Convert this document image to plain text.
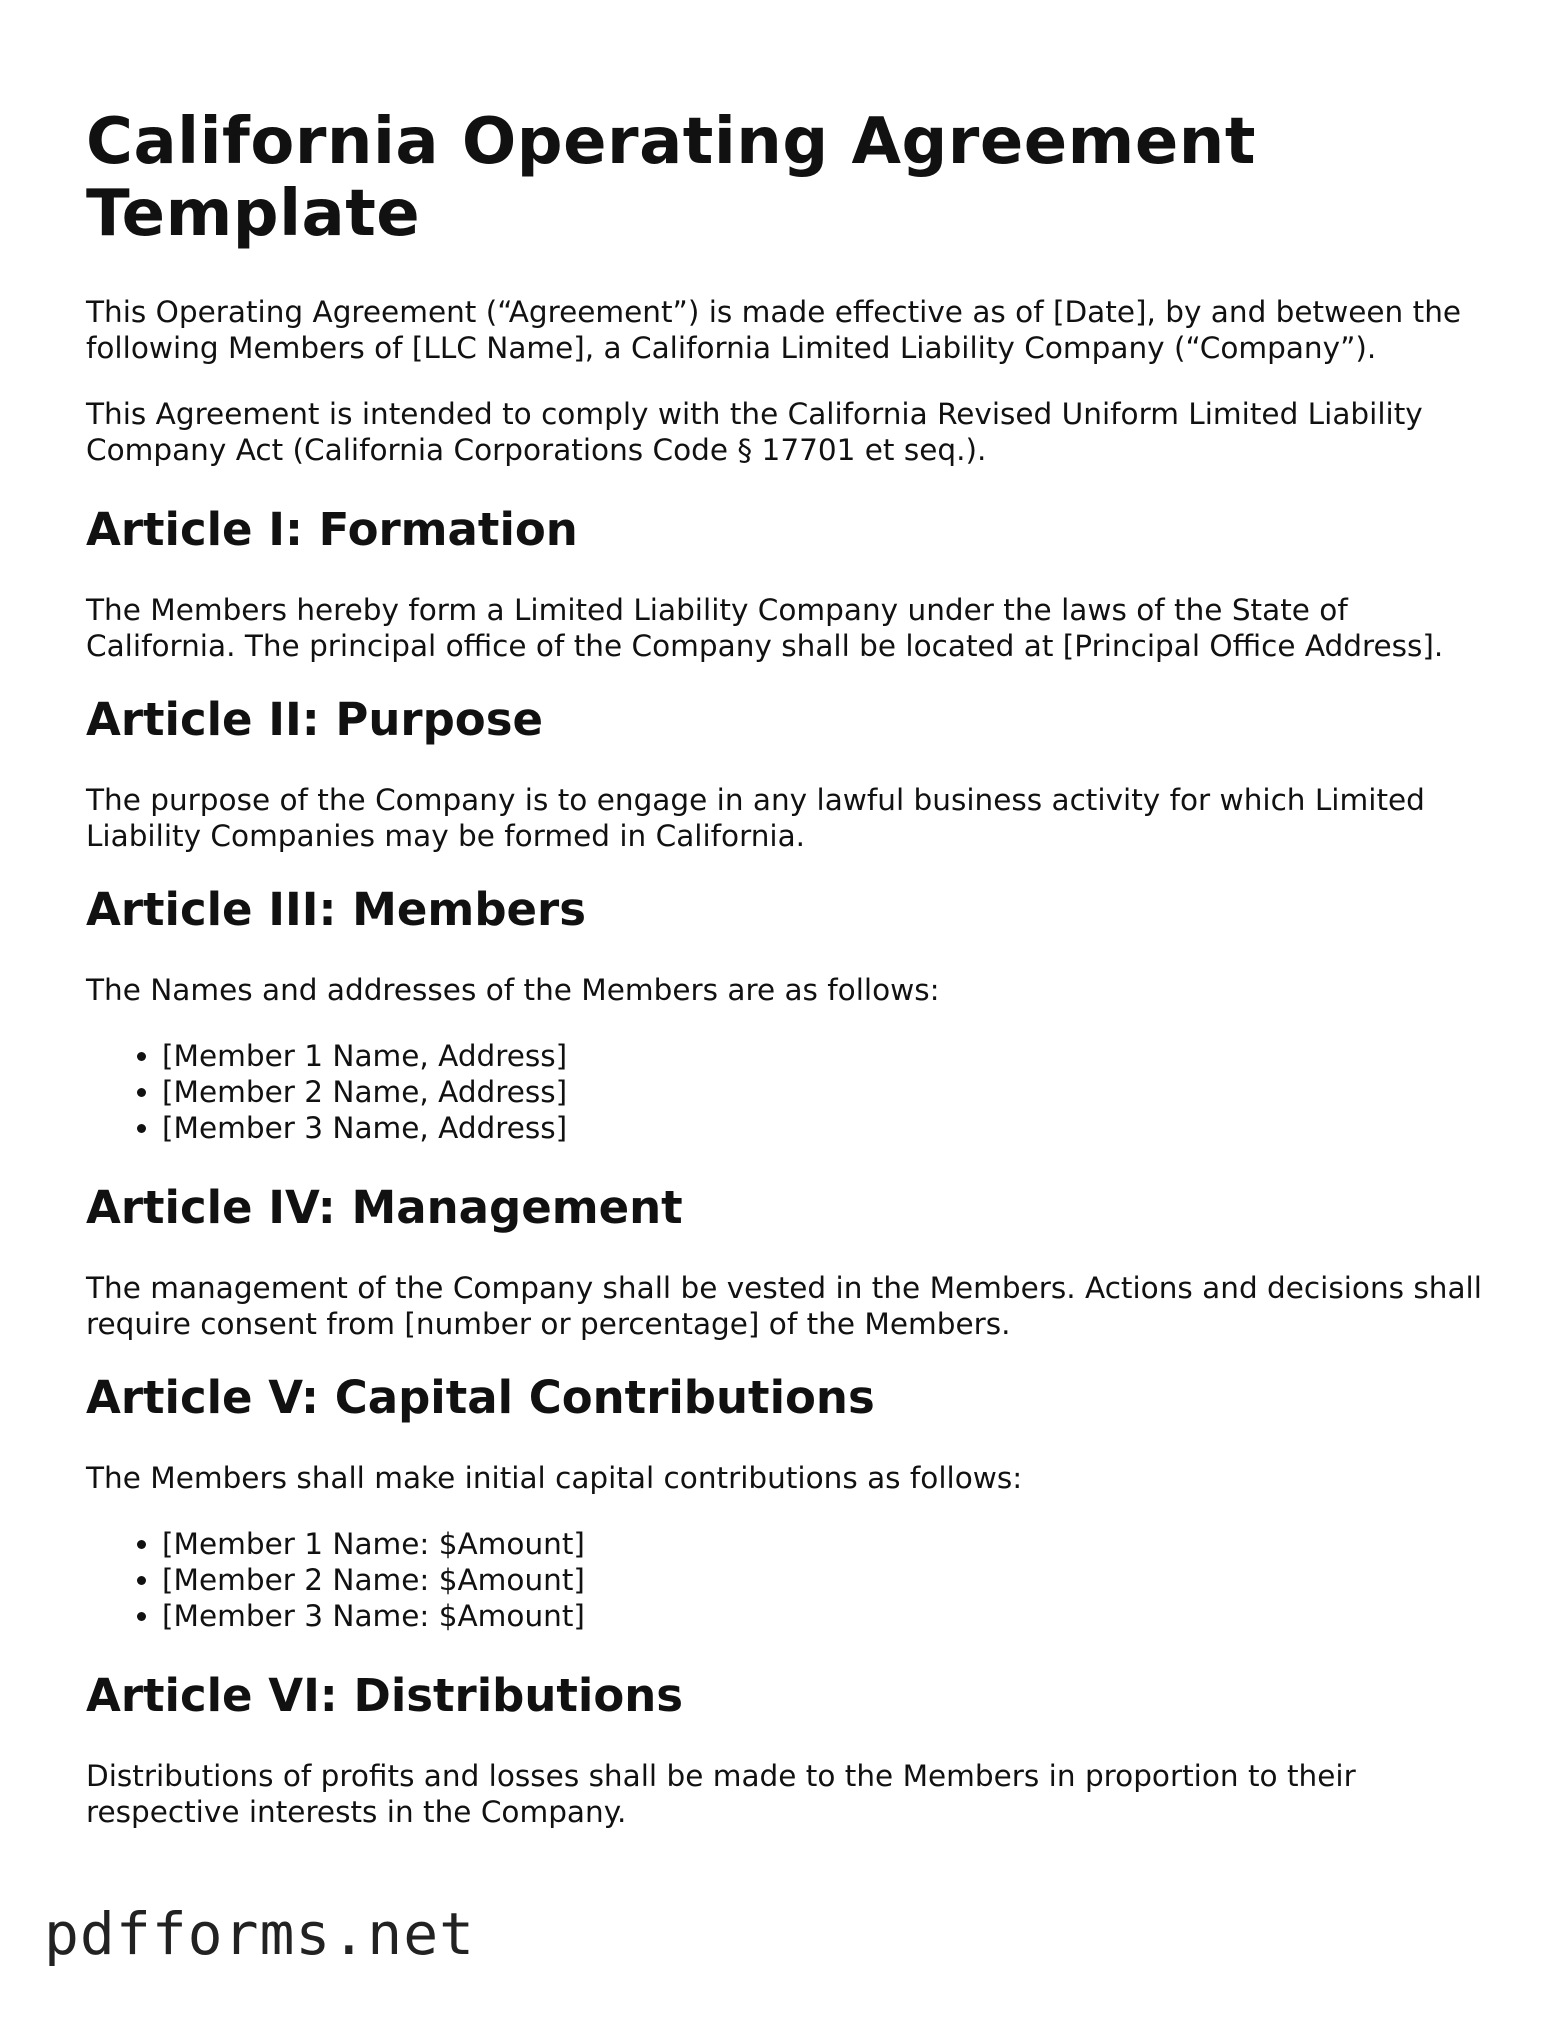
California Operating Agreement Template

This Operating Agreement (“Agreement”) is made effective as of [Date], by and between the following Members of [LLC Name], a California Limited Liability Company (“Company”).

This Agreement is intended to comply with the California Revised Uniform Limited Liability Company Act (California Corporations Code § 17701 et seq.).

Article I: Formation

The Members hereby form a Limited Liability Company under the laws of the State of California. The principal office of the Company shall be located at [Principal Office Address].

Article II: Purpose

The purpose of the Company is to engage in any lawful business activity for which Limited Liability Companies may be formed in California.

Article III: Members

The Names and addresses of the Members are as follows:

• [Member 1 Name, Address]
• [Member 2 Name, Address]
• [Member 3 Name, Address]
Article IV: Management

The management of the Company shall be vested in the Members. Actions and decisions shall require consent from [number or percentage] of the Members.

Article V: Capital Contributions

The Members shall make initial capital contributions as follows:

• [Member 1 Name: $Amount]
• [Member 2 Name: $Amount]
• [Member 3 Name: $Amount]
Article VI: Distributions

Distributions of profits and losses shall be made to the Members in proportion to their respective interests in the Company.

pdfforms.net
